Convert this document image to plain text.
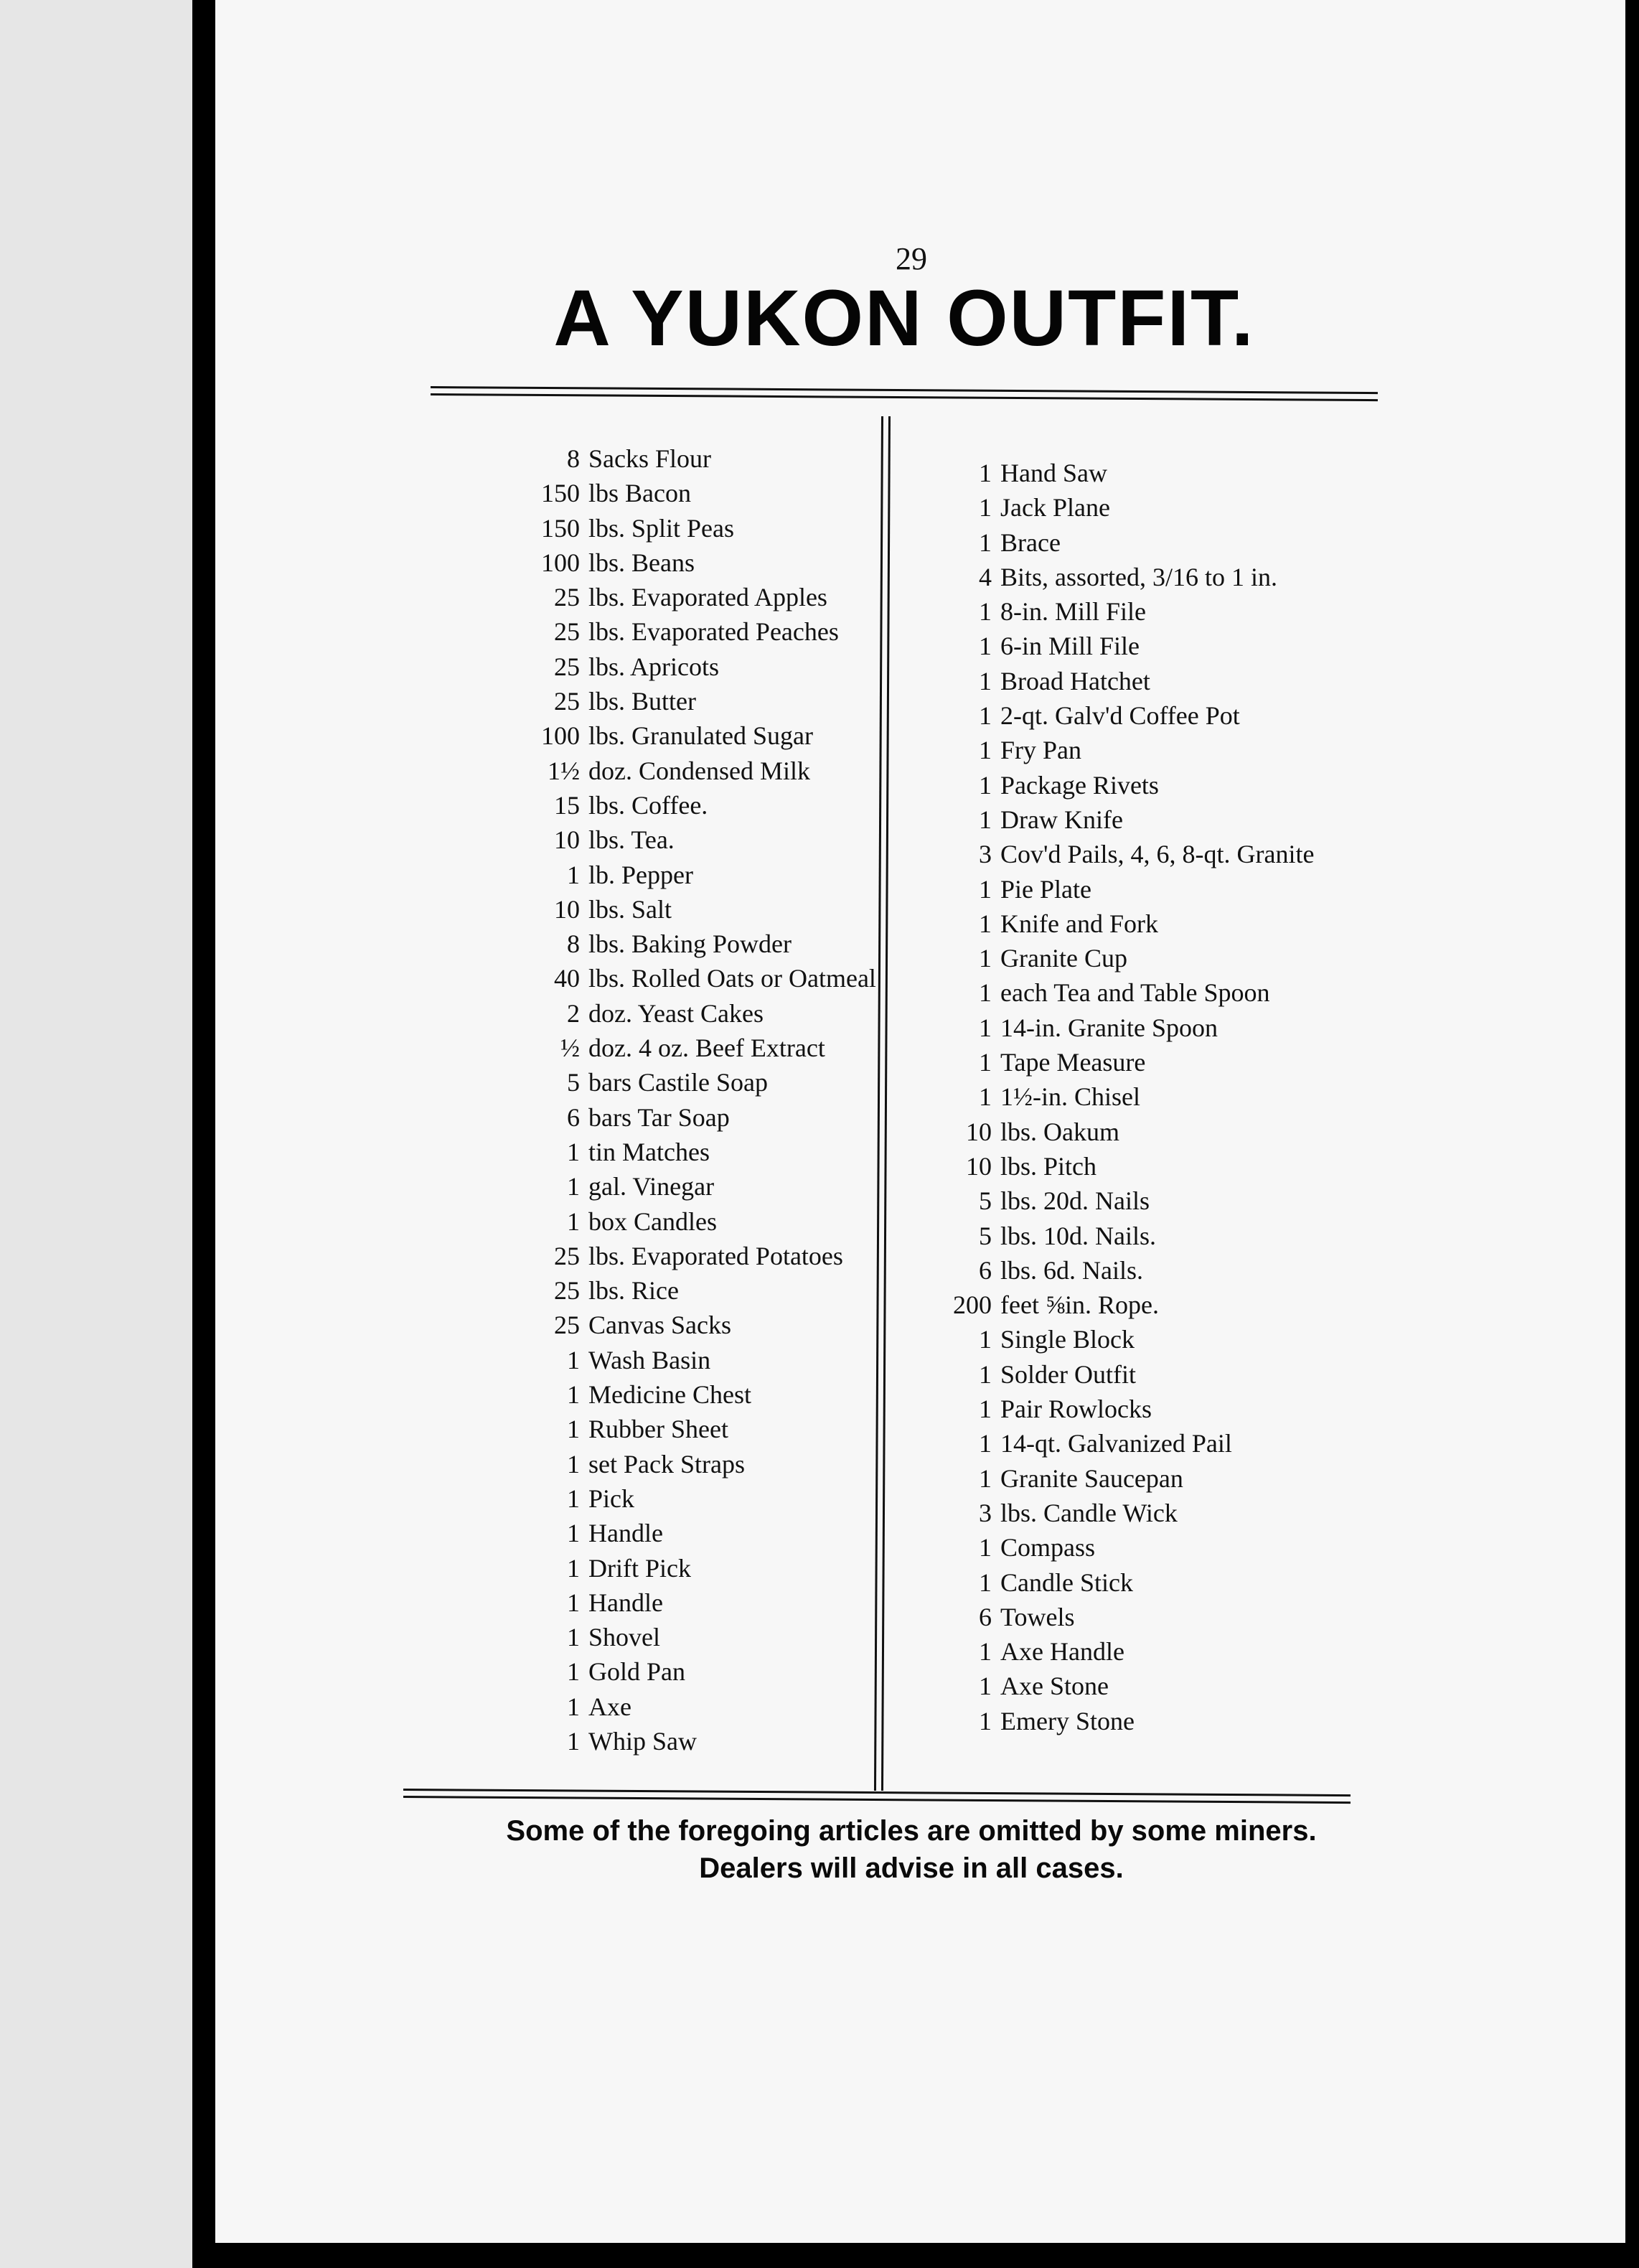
29
A YUKON OUTFIT.
8 Sacks Flour
150 lbs Bacon
150 lbs. Split Peas
100 lbs. Beans
25 lbs. Evaporated Apples
25 lbs. Evaporated Peaches
25 lbs. Apricots
25 lbs. Butter
100 lbs. Granulated Sugar
1½ doz. Condensed Milk
15 lbs. Coffee.
10 lbs. Tea.
1 lb. Pepper
10 lbs. Salt
8 lbs. Baking Powder
40 lbs. Rolled Oats or Oatmeal
2 doz. Yeast Cakes
½ doz. 4 oz. Beef Extract
5 bars Castile Soap
6 bars Tar Soap
1 tin Matches
1 gal. Vinegar
1 box Candles
25 lbs. Evaporated Potatoes
25 lbs. Rice
25 Canvas Sacks
1 Wash Basin
1 Medicine Chest
1 Rubber Sheet
1 set Pack Straps
1 Pick
1 Handle
1 Drift Pick
1 Handle
1 Shovel
1 Gold Pan
1 Axe
1 Whip Saw
1 Hand Saw
1 Jack Plane
1 Brace
4 Bits, assorted, 3/16 to 1 in.
1 8-in. Mill File
1 6-in Mill File
1 Broad Hatchet
1 2-qt. Galv'd Coffee Pot
1 Fry Pan
1 Package Rivets
1 Draw Knife
3 Cov'd Pails, 4, 6, 8-qt. Granite
1 Pie Plate
1 Knife and Fork
1 Granite Cup
1 each Tea and Table Spoon
1 14-in. Granite Spoon
1 Tape Measure
1 1½-in. Chisel
10 lbs. Oakum
10 lbs. Pitch
5 lbs. 20d. Nails
5 lbs. 10d. Nails.
6 lbs. 6d. Nails.
200 feet ⅝in. Rope.
1 Single Block
1 Solder Outfit
1 Pair Rowlocks
1 14-qt. Galvanized Pail
1 Granite Saucepan
3 lbs. Candle Wick
1 Compass
1 Candle Stick
6 Towels
1 Axe Handle
1 Axe Stone
1 Emery Stone
Some of the foregoing articles are omitted by some miners.
Dealers will advise in all cases.
